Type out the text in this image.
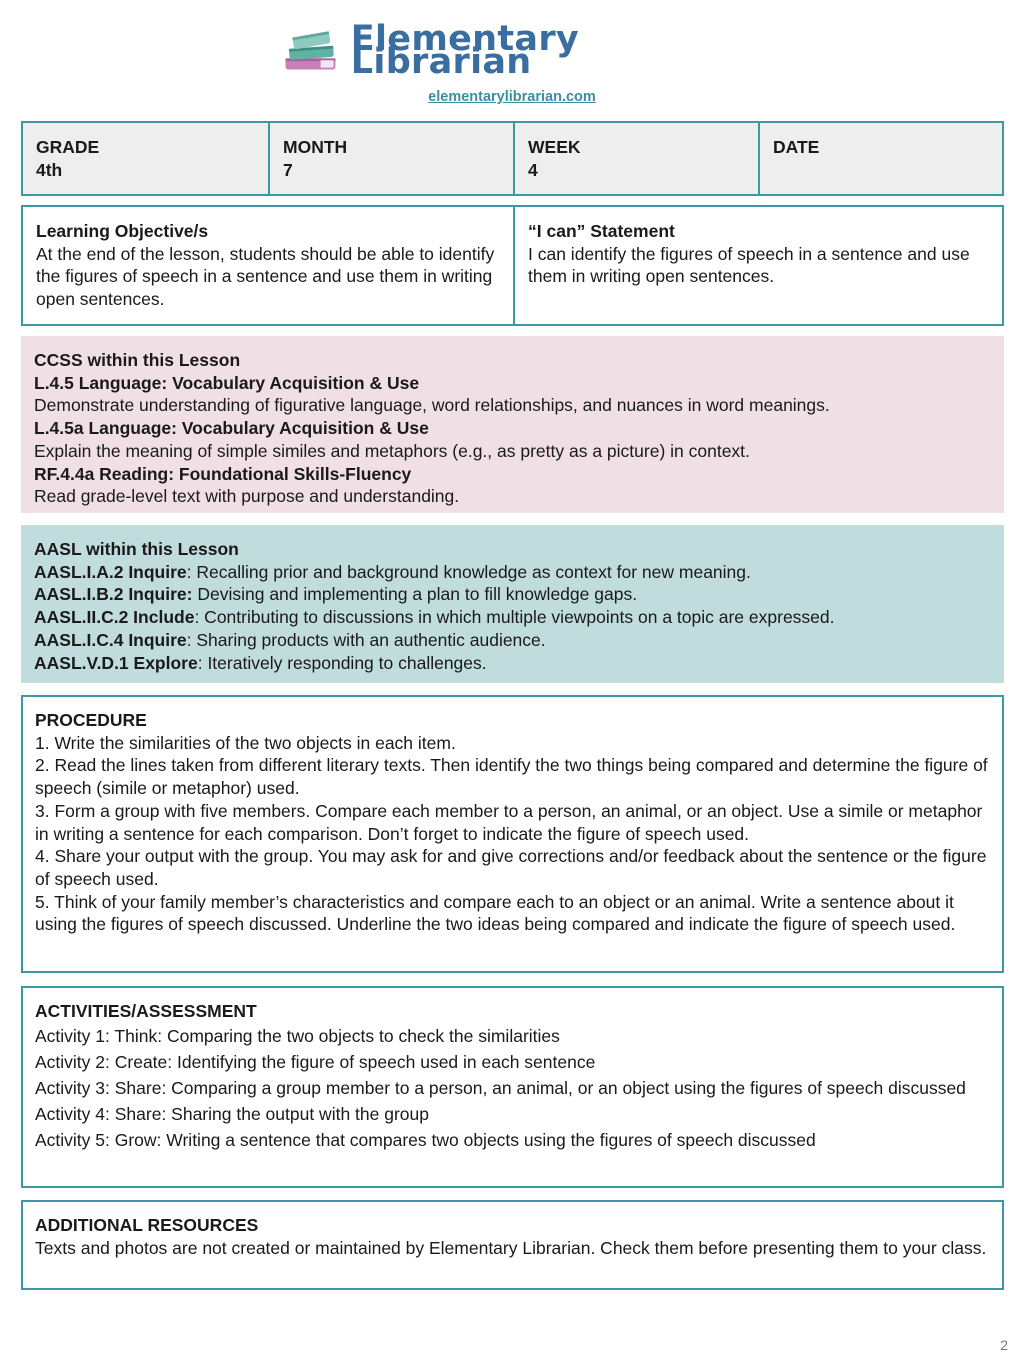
Elementary Librarian
elementarylibrarian.com
GRADE
4th
MONTH
7
WEEK
4
DATE
Learning Objective/s
At the end of the lesson, students should be able to identify the figures of speech in a sentence and use them in writing open sentences.
“I can” Statement
I can identify the figures of speech in a sentence and use them in writing open sentences.
CCSS within this Lesson
L.4.5 Language: Vocabulary Acquisition & Use
Demonstrate understanding of figurative language, word relationships, and nuances in word meanings.
L.4.5a Language: Vocabulary Acquisition & Use
Explain the meaning of simple similes and metaphors (e.g., as pretty as a picture) in context.
RF.4.4a Reading: Foundational Skills-Fluency
Read grade-level text with purpose and understanding.
AASL within this Lesson
AASL.I.A.2 Inquire: Recalling prior and background knowledge as context for new meaning.
AASL.I.B.2 Inquire: Devising and implementing a plan to fill knowledge gaps.
AASL.II.C.2 Include: Contributing to discussions in which multiple viewpoints on a topic are expressed.
AASL.I.C.4 Inquire: Sharing products with an authentic audience.
AASL.V.D.1 Explore: Iteratively responding to challenges.
PROCEDURE
1. Write the similarities of the two objects in each item.
2. Read the lines taken from different literary texts. Then identify the two things being compared and determine the figure of speech (simile or metaphor) used.
3. Form a group with five members. Compare each member to a person, an animal, or an object. Use a simile or metaphor in writing a sentence for each comparison. Don’t forget to indicate the figure of speech used.
4. Share your output with the group. You may ask for and give corrections and/or feedback about the sentence or the figure of speech used.
5. Think of your family member’s characteristics and compare each to an object or an animal. Write a sentence about it using the figures of speech discussed. Underline the two ideas being compared and indicate the figure of speech used.
ACTIVITIES/ASSESSMENT
Activity 1: Think: Comparing the two objects to check the similarities
Activity 2: Create: Identifying the figure of speech used in each sentence
Activity 3: Share: Comparing a group member to a person, an animal, or an object using the figures of speech discussed
Activity 4: Share: Sharing the output with the group
Activity 5: Grow: Writing a sentence that compares two objects using the figures of speech discussed
ADDITIONAL RESOURCES
Texts and photos are not created or maintained by Elementary Librarian. Check them before presenting them to your class.
2
